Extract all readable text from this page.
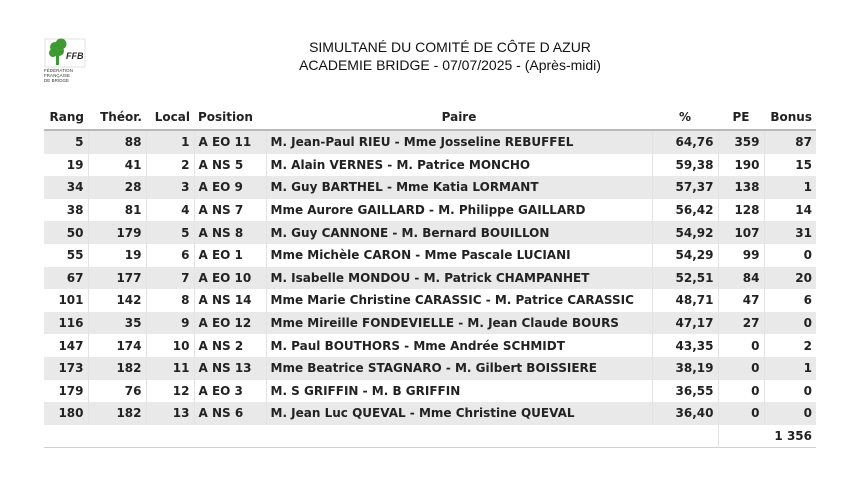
FFB
FÉDÉRATION
FRANÇAISE
DE BRIDGE
SIMULTANÉ DU COMITÉ DE CÔTE D AZUR
ACADEMIE BRIDGE - 07/07/2025 - (Après-midi)
Rang	Théor.	Local	Position	Paire	%	PE	Bonus
5	88	1	A EO 11	M. Jean-Paul RIEU - Mme Josseline REBUFFEL	64,76	359	87
19	41	2	A NS 5	M. Alain VERNES - M. Patrice MONCHO	59,38	190	15
34	28	3	A EO 9	M. Guy BARTHEL - Mme Katia LORMANT	57,37	138	1
38	81	4	A NS 7	Mme Aurore GAILLARD - M. Philippe GAILLARD	56,42	128	14
50	179	5	A NS 8	M. Guy CANNONE - M. Bernard BOUILLON	54,92	107	31
55	19	6	A EO 1	Mme Michèle CARON - Mme Pascale LUCIANI	54,29	99	0
67	177	7	A EO 10	M. Isabelle MONDOU - M. Patrick CHAMPANHET	52,51	84	20
101	142	8	A NS 14	Mme Marie Christine CARASSIC - M. Patrice CARASSIC	48,71	47	6
116	35	9	A EO 12	Mme Mireille FONDEVIELLE - M. Jean Claude BOURS	47,17	27	0
147	174	10	A NS 2	M. Paul BOUTHORS - Mme Andrée SCHMIDT	43,35	0	2
173	182	11	A NS 13	Mme Beatrice STAGNARO - M. Gilbert BOISSIERE	38,19	0	1
179	76	12	A EO 3	M. S GRIFFIN - M. B GRIFFIN	36,55	0	0
180	182	13	A NS 6	M. Jean Luc QUEVAL - Mme Christine QUEVAL	36,40	0	0
						1 356	
